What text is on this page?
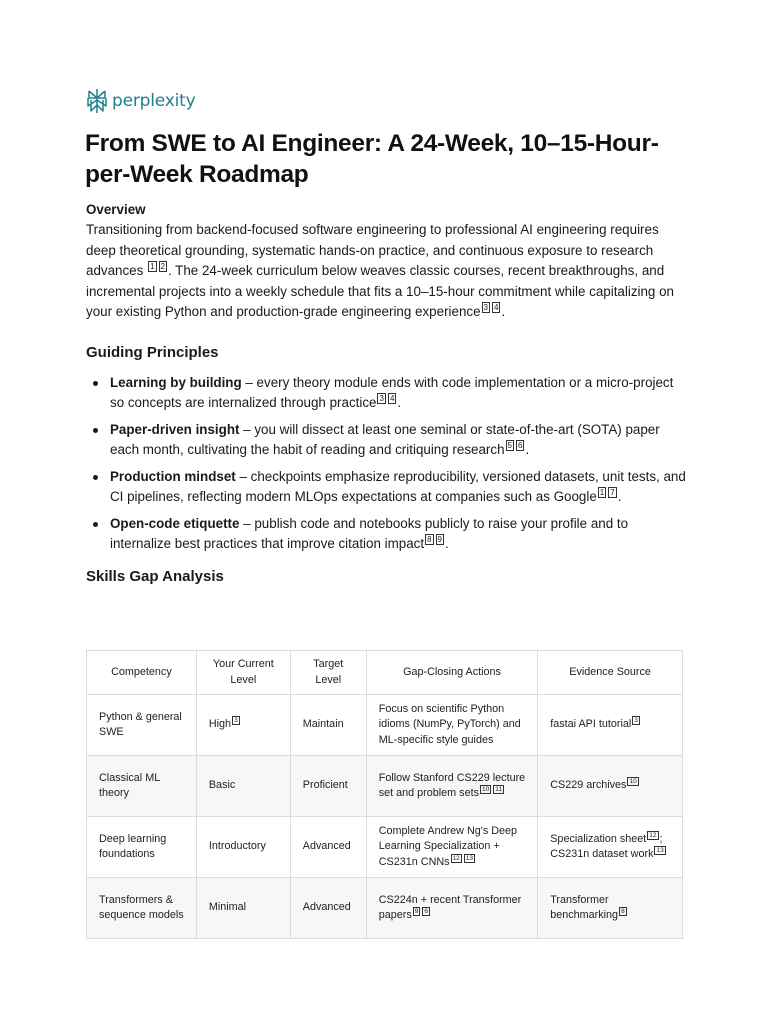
perplexity
From SWE to AI Engineer: A 24-Week, 10–15-Hour-per-Week Roadmap
Overview

Transitioning from backend-focused software engineering to professional AI engineering requires deep theoretical grounding, systematic hands-on practice, and continuous exposure to research advances $^1$ $^2$ . The 24-week curriculum below weaves classic courses, recent breakthroughs, and incremental projects into a weekly schedule that fits a 10–15-hour commitment while capitalizing on your existing Python and production-grade engineering experience $^3$ $^4$ .

Guiding Principles
Learning by building – every theory module ends with code implementation or a micro-project so concepts are internalized through practice $^3$ $^4$ .
Paper-driven insight – you will dissect at least one seminal or state-of-the-art (SOTA) paper each month, cultivating the habit of reading and critiquing research $^5$ $^6$ .
Production mindset – checkpoints emphasize reproducibility, versioned datasets, unit tests, and CI pipelines, reflecting modern MLOps expectations at companies such as Google $^1$ $^7$ .
Open-code etiquette – publish code and notebooks publicly to raise your profile and to internalize best practices that improve citation impact $^8$ $^9$ .
Skills Gap Analysis
Competency	Your Current Level	Target Level	Gap-Closing Actions	Evidence Source
Python & general SWE	High $^3$	Maintain	Focus on scientific Python idioms (NumPy, PyTorch) and ML-specific style guides	fastai API tutorial $^3$
Classical ML theory	Basic	Proficient	Follow Stanford CS229 lecture set and problem sets $^{10}$ $^{11}$	CS229 archives $^{10}$
Deep learning foundations	Introductory	Advanced	Complete Andrew Ng's Deep Learning Specialization + CS231n CNNs $^{12}$ $^{13}$	Specialization sheet $^{12}$ ; CS231n dataset work $^{13}$
Transformers & sequence models	Minimal	Advanced	CS224n + recent Transformer papers $^9$ $^6$	Transformer benchmarking $^8$
